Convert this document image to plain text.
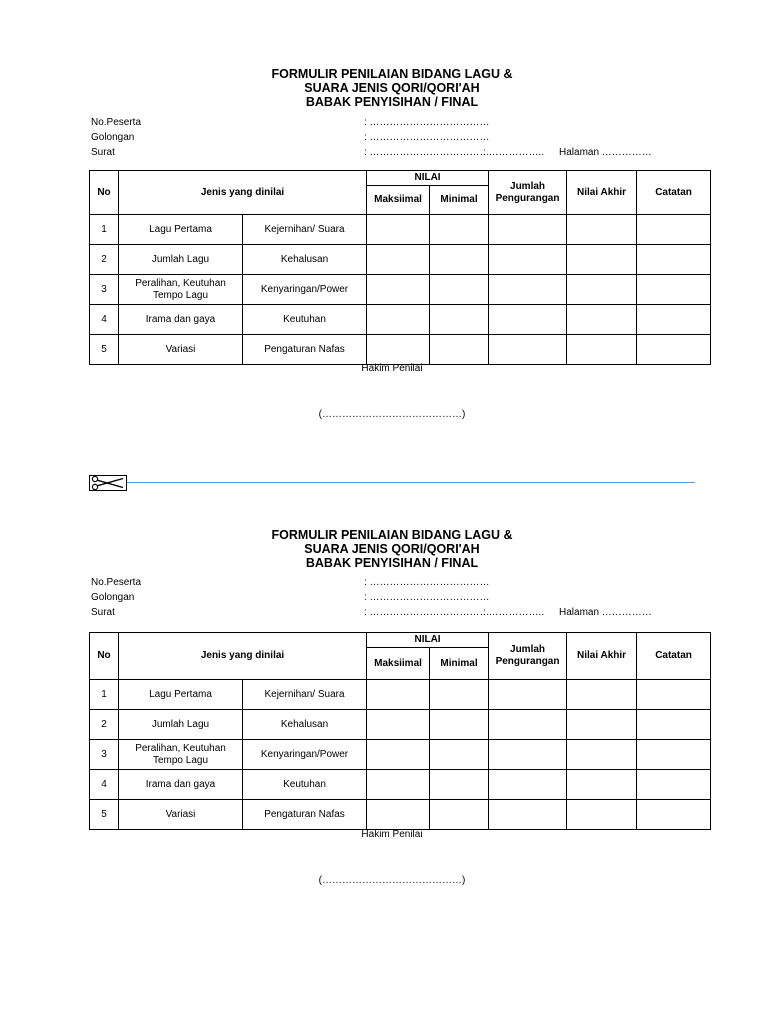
FORMULIR PENILAIAN BIDANG LAGU &
SUARA JENIS QORI/QORI'AH
BABAK PENYISIHAN / FINAL
No.Peserta	: ………………………………
Golongan	: ………………………………
Surat	: ………………………………
: …………….. Halaman ……………
No	Jenis yang dinilai		NILAI		Jumlah Pengurangan	Nilai Akhir	Catatan
			Maksiimal	Minimal			
1	Lagu Pertama	Kejernihan/ Suara					
2	Jumlah Lagu	Kehalusan					
3	Peralihan, Keutuhan Tempo Lagu	Kenyaringan/Power					
4	Irama dan gaya	Keutuhan					
5	Variasi	Pengaturan Nafas					
Hakim Penilai
(……………………………………)
FORMULIR PENILAIAN BIDANG LAGU &
SUARA JENIS QORI/QORI'AH
BABAK PENYISIHAN / FINAL
No.Peserta	: ………………………………
Golongan	: ………………………………
Surat	: ………………………………
: …………….. Halaman ……………
No	Jenis yang dinilai		NILAI		Jumlah Pengurangan	Nilai Akhir	Catatan
			Maksiimal	Minimal			
1	Lagu Pertama	Kejernihan/ Suara					
2	Jumlah Lagu	Kehalusan					
3	Peralihan, Keutuhan Tempo Lagu	Kenyaringan/Power					
4	Irama dan gaya	Keutuhan					
5	Variasi	Pengaturan Nafas					
Hakim Penilai
(……………………………………)
